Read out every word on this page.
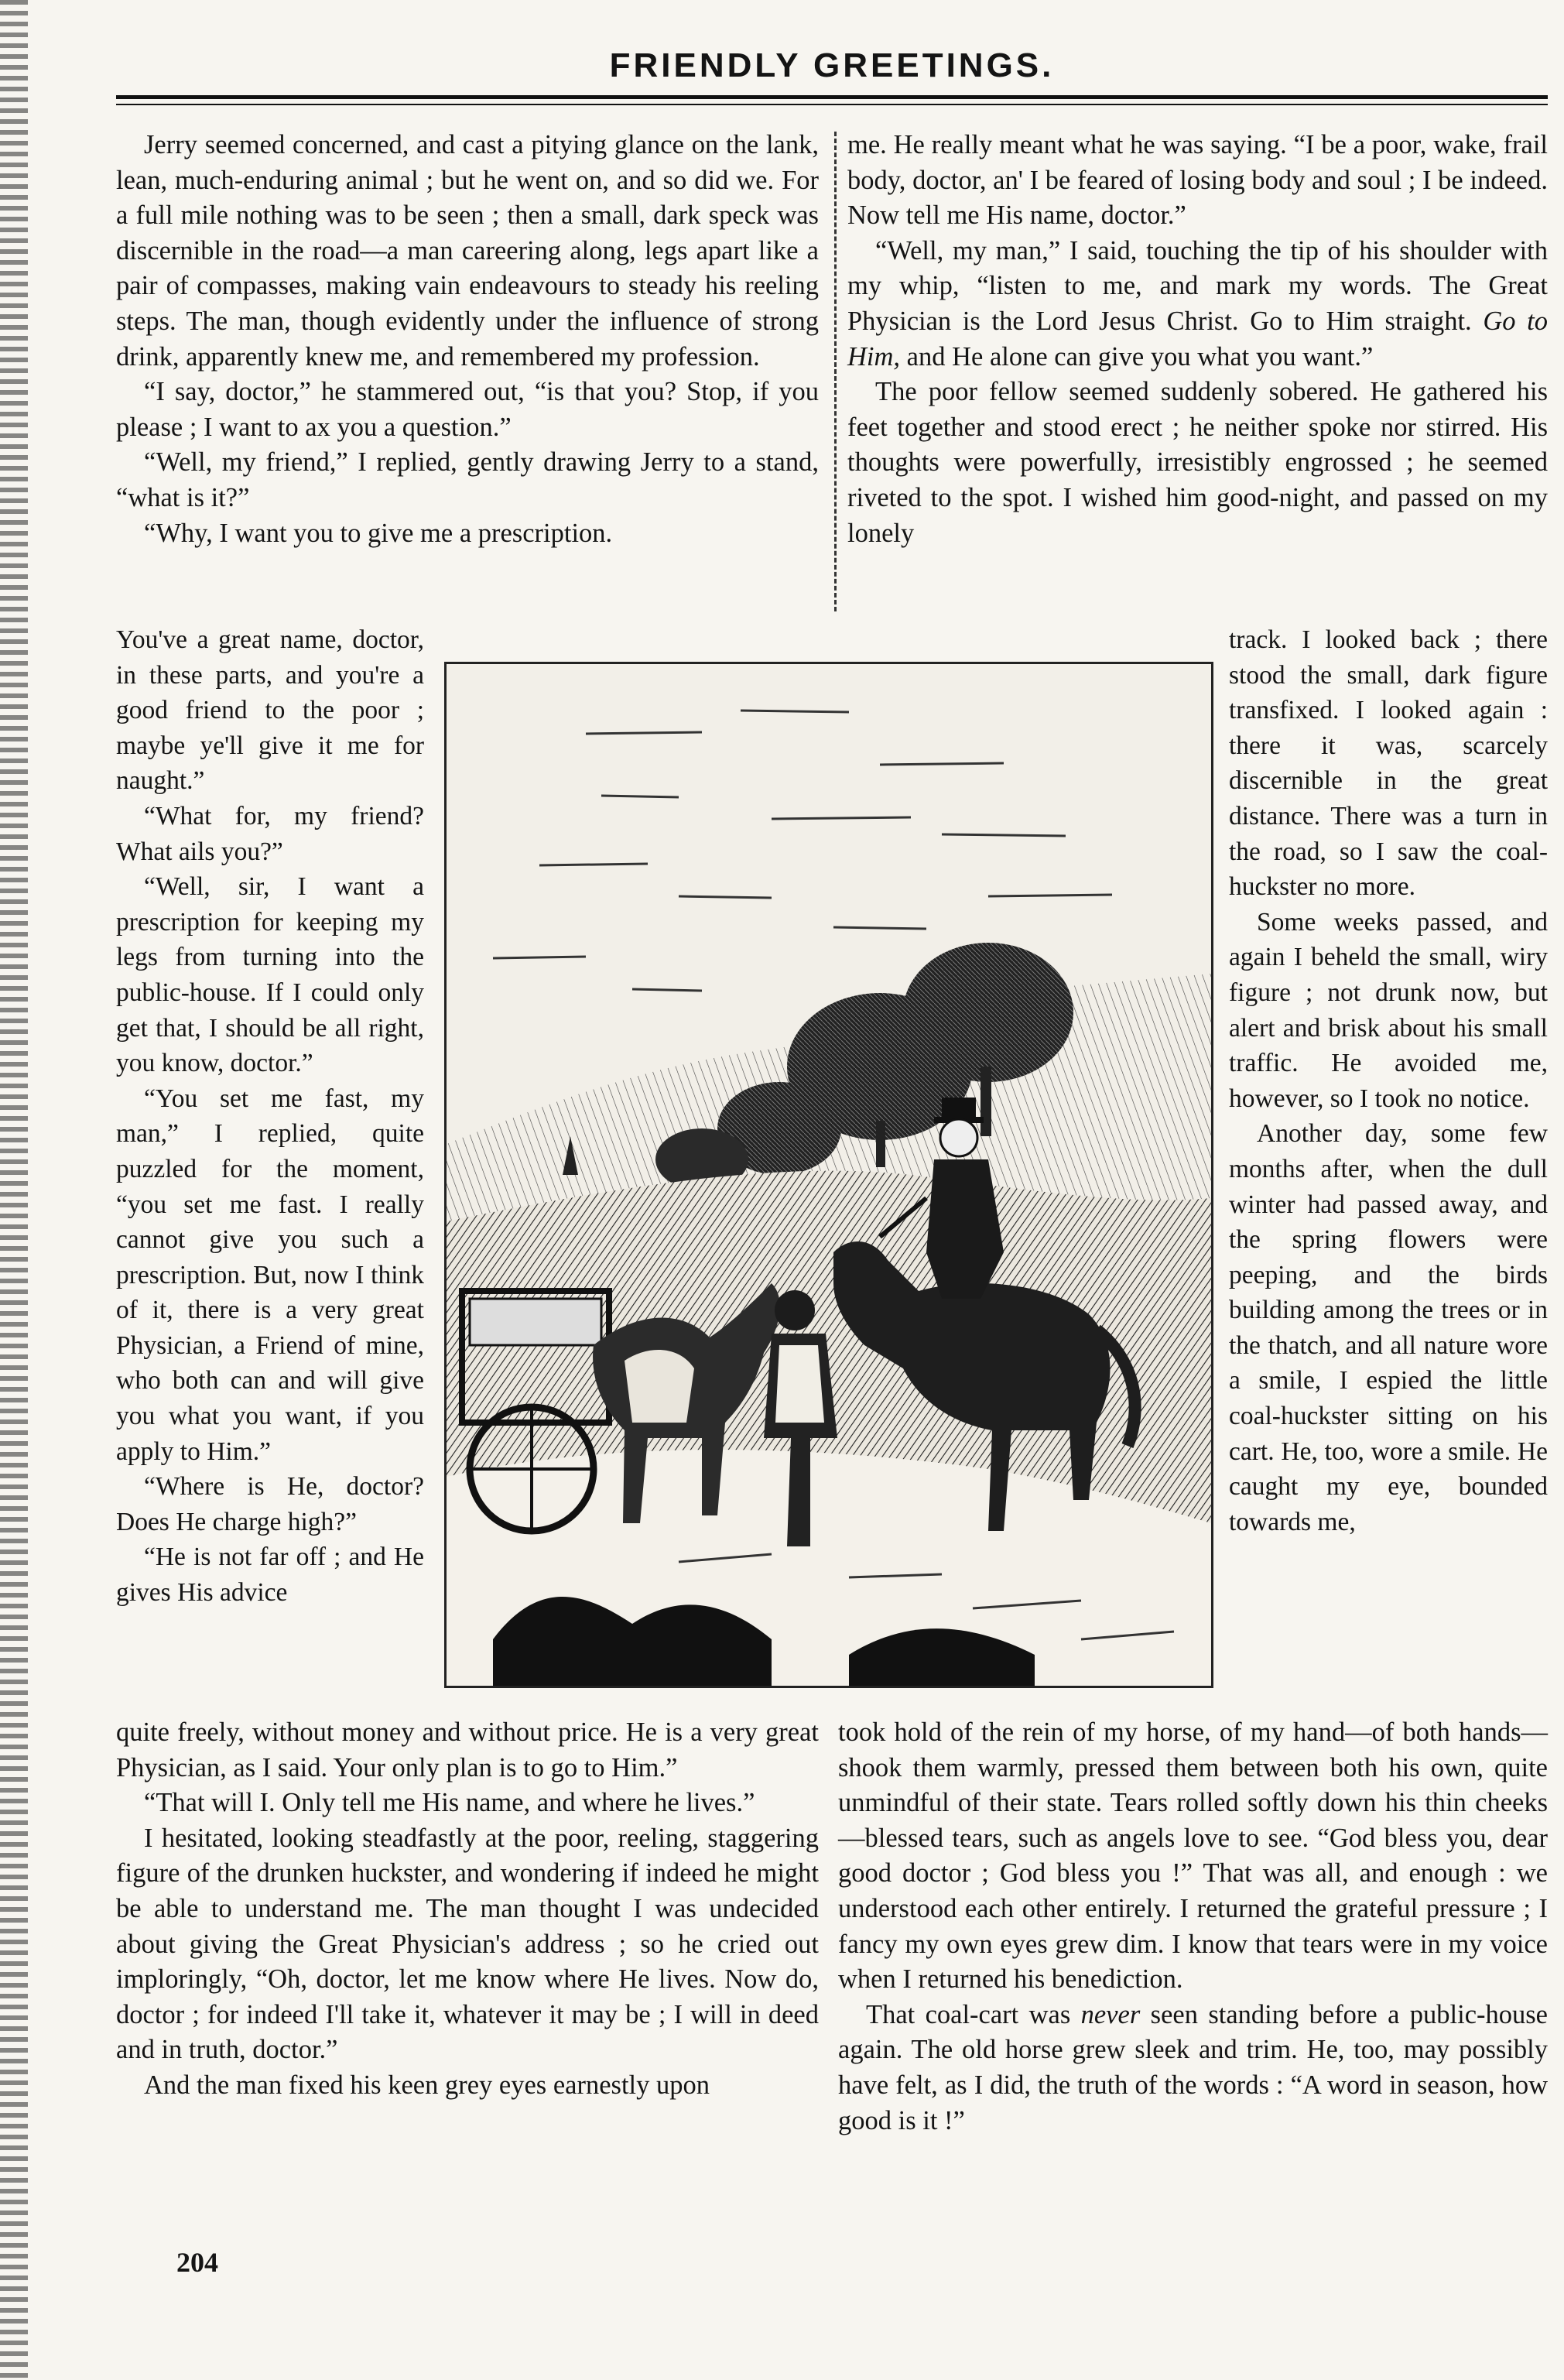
FRIENDLY GREETINGS.

Jerry seemed concerned, and cast a pitying glance on the lank, lean, much-enduring animal ; but he went on, and so did we. For a full mile nothing was to be seen ; then a small, dark speck was discernible in the road—a man careering along, legs apart like a pair of compasses, making vain endeavours to steady his reeling steps. The man, though evidently under the influence of strong drink, apparently knew me, and remembered my profession.

“I say, doctor,” he stammered out, “is that you? Stop, if you please ; I want to ax you a question.”

“Well, my friend,” I replied, gently drawing Jerry to a stand, “what is it?”

“Why, I want you to give me a prescription.

You've a great name, doctor, in these parts, and you're a good friend to the poor ; maybe ye'll give it me for naught.”

“What for, my friend? What ails you?”

“Well, sir, I want a prescription for keeping my legs from turning into the public-house. If I could only get that, I should be all right, you know, doctor.”

“You set me fast, my man,” I replied, quite puzzled for the moment, “you set me fast. I really cannot give you such a prescription. But, now I think of it, there is a very great Physician, a Friend of mine, who both can and will give you what you want, if you apply to Him.”

“Where is He, doctor? Does He charge high?”

“He is not far off ; and He gives His advice

quite freely, without money and without price. He is a very great Physician, as I said. Your only plan is to go to Him.”

“That will I. Only tell me His name, and where he lives.”

I hesitated, looking steadfastly at the poor, reeling, staggering figure of the drunken huckster, and wondering if indeed he might be able to understand me. The man thought I was undecided about giving the Great Physician's address ; so he cried out imploringly, “Oh, doctor, let me know where He lives. Now do, doctor ; for indeed I'll take it, whatever it may be ; I will in deed and in truth, doctor.”

And the man fixed his keen grey eyes earnestly upon

me. He really meant what he was saying. “I be a poor, wake, frail body, doctor, an' I be feared of losing body and soul ; I be indeed. Now tell me His name, doctor.”

“Well, my man,” I said, touching the tip of his shoulder with my whip, “listen to me, and mark my words. The Great Physician is the Lord Jesus Christ. Go to Him straight. Go to Him, and He alone can give you what you want.”

The poor fellow seemed suddenly sobered. He gathered his feet together and stood erect ; he neither spoke nor stirred. His thoughts were powerfully, irresistibly engrossed ; he seemed riveted to the spot. I wished him good-night, and passed on my lonely

track. I looked back ; there stood the small, dark figure transfixed. I looked again : there it was, scarcely discernible in the great distance. There was a turn in the road, so I saw the coal-huckster no more.

Some weeks passed, and again I beheld the small, wiry figure ; not drunk now, but alert and brisk about his small traffic. He avoided me, however, so I took no notice.

Another day, some few months after, when the dull winter had passed away, and the spring flowers were peeping, and the birds building among the trees or in the thatch, and all nature wore a smile, I espied the little coal-huckster sitting on his cart. He, too, wore a smile. He caught my eye, bounded towards me,

took hold of the rein of my horse, of my hand—of both hands—shook them warmly, pressed them between both his own, quite unmindful of their state. Tears rolled softly down his thin cheeks—blessed tears, such as angels love to see. “God bless you, dear good doctor ; God bless you !” That was all, and enough : we understood each other entirely. I returned the grateful pressure ; I fancy my own eyes grew dim. I know that tears were in my voice when I returned his benediction.

That coal-cart was never seen standing before a public-house again. The old horse grew sleek and trim. He, too, may possibly have felt, as I did, the truth of the words : “A word in season, how good is it !”

204
